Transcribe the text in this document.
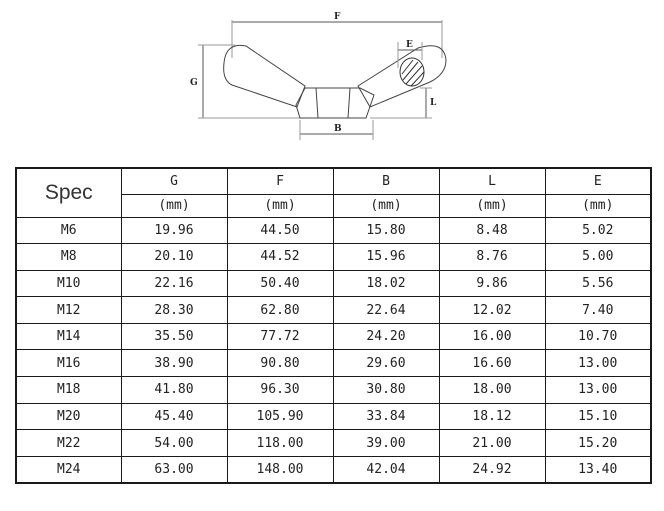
F
G
E
L
B
Spec	G	F	B	L	E
	(mm)	(mm)	(mm)	(mm)	(mm)
M6	19.96	44.50	15.80	8.48	5.02
M8	20.10	44.52	15.96	8.76	5.00
M10	22.16	50.40	18.02	9.86	5.56
M12	28.30	62.80	22.64	12.02	7.40
M14	35.50	77.72	24.20	16.00	10.70
M16	38.90	90.80	29.60	16.60	13.00
M18	41.80	96.30	30.80	18.00	13.00
M20	45.40	105.90	33.84	18.12	15.10
M22	54.00	118.00	39.00	21.00	15.20
M24	63.00	148.00	42.04	24.92	13.40
